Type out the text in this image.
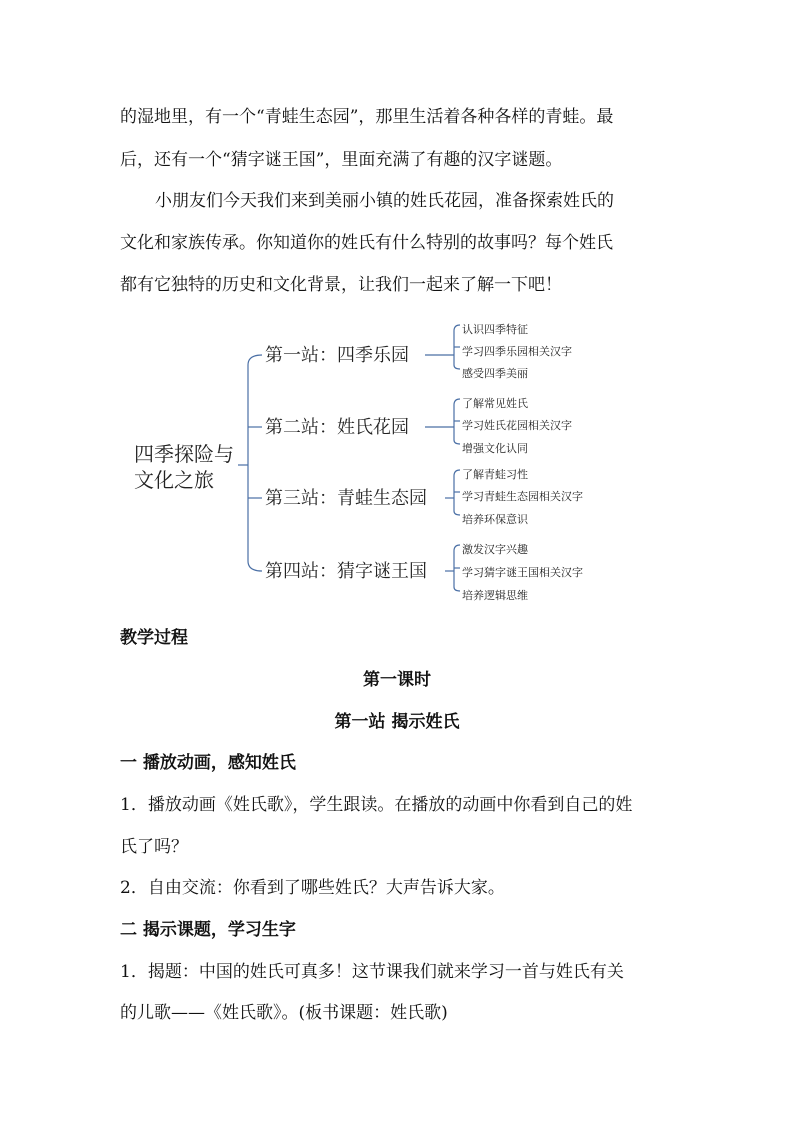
的湿地里，有一个“青蛙生态园”，那里生活着各种各样的青蛙。最

后，还有一个“猜字谜王国”，里面充满了有趣的汉字谜题。

小朋友们今天我们来到美丽小镇的姓氏花园，准备探索姓氏的

文化和家族传承。你知道你的姓氏有什么特别的故事吗？每个姓氏

都有它独特的历史和文化背景，让我们一起来了解一下吧！

四季探险与
文化之旅
第一站：四季乐园
第二站：姓氏花园
第三站：青蛙生态园
第四站：猜字谜王国
认识四季特征
学习四季乐园相关汉字
感受四季美丽
了解常见姓氏
学习姓氏花园相关汉字
增强文化认同
了解青蛙习性
学习青蛙生态园相关汉字
培养环保意识
激发汉字兴趣
学习猜字谜王国相关汉字
培养逻辑思维

教学过程

第一课时

第一站 揭示姓氏

一 播放动画，感知姓氏

1．播放动画《姓氏歌》，学生跟读。在播放的动画中你看到自己的姓

氏了吗？

2．自由交流：你看到了哪些姓氏？大声告诉大家。

二 揭示课题，学习生字

1．揭题：中国的姓氏可真多！这节课我们就来学习一首与姓氏有关

的儿歌——《姓氏歌》。(板书课题：姓氏歌)
